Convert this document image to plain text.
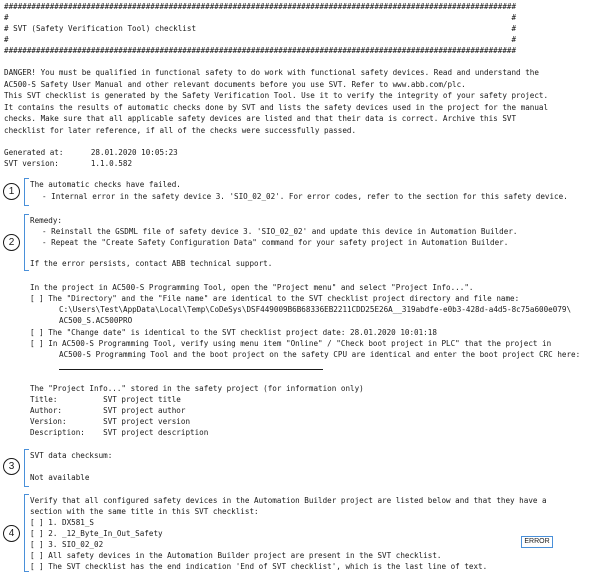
################################################################################################################
#                                                                                                              #
# SVT (Safety Verification Tool) checklist                                                                     #
#                                                                                                              #
################################################################################################################
DANGER! You must be qualified in functional safety to do work with functional safety devices. Read and understand the
AC500-S Safety User Manual and other relevant documents before you use SVT. Refer to www.abb.com/plc.
This SVT checklist is generated by the Safety Verification Tool. Use it to verify the integrity of your safety project.
It contains the results of automatic checks done by SVT and lists the safety devices used in the project for the manual
checks. Make sure that all applicable safety devices are listed and that their data is correct. Archive this SVT
checklist for later reference, if all of the checks were successfully passed.
Generated at:      28.01.2020 10:05:23
SVT version:       1.1.0.582
1
The automatic checks have failed.
- Internal error in the safety device 3. 'SIO_02_02'. For error codes, refer to the section for this safety device.
2
Remedy:
- Reinstall the GSDML file of safety device 3. 'SIO_02_02' and update this device in Automation Builder.
- Repeat the "Create Safety Configuration Data" command for your safety project in Automation Builder.
If the error persists, contact ABB technical support.
In the project in AC500-S Programming Tool, open the "Project menu" and select "Project Info...".
[ ] The "Directory" and the "File name" are identical to the SVT checklist project directory and file name:
C:\Users\Test\AppData\Local\Temp\CoDeSys\DSF449009B6B68336EB2211CDD25E26A__319abdfe-e0b3-428d-a4d5-8c75a600e079\
AC500_S.AC500PRO
[ ] The "Change date" is identical to the SVT checklist project date: 28.01.2020 10:01:18
[ ] In AC500-S Programming Tool, verify using menu item "Online" / "Check boot project in PLC" that the project in
AC500-S Programming Tool and the boot project on the safety CPU are identical and enter the boot project CRC here:
The "Project Info..." stored in the safety project (for information only)
Title:          SVT project title
Author:         SVT project author
Version:        SVT project version
Description:    SVT project description
3
SVT data checksum:
Not available
4
Verify that all configured safety devices in the Automation Builder project are listed below and that they have a
section with the same title in this SVT checklist:
[ ] 1. DX581_S
[ ] 2. _12_Byte_In_Out_Safety
[ ] 3. SIO_02_02	ERROR
[ ] All safety devices in the Automation Builder project are present in the SVT checklist.
[ ] The SVT checklist has the end indication 'End of SVT checklist', which is the last line of text.
